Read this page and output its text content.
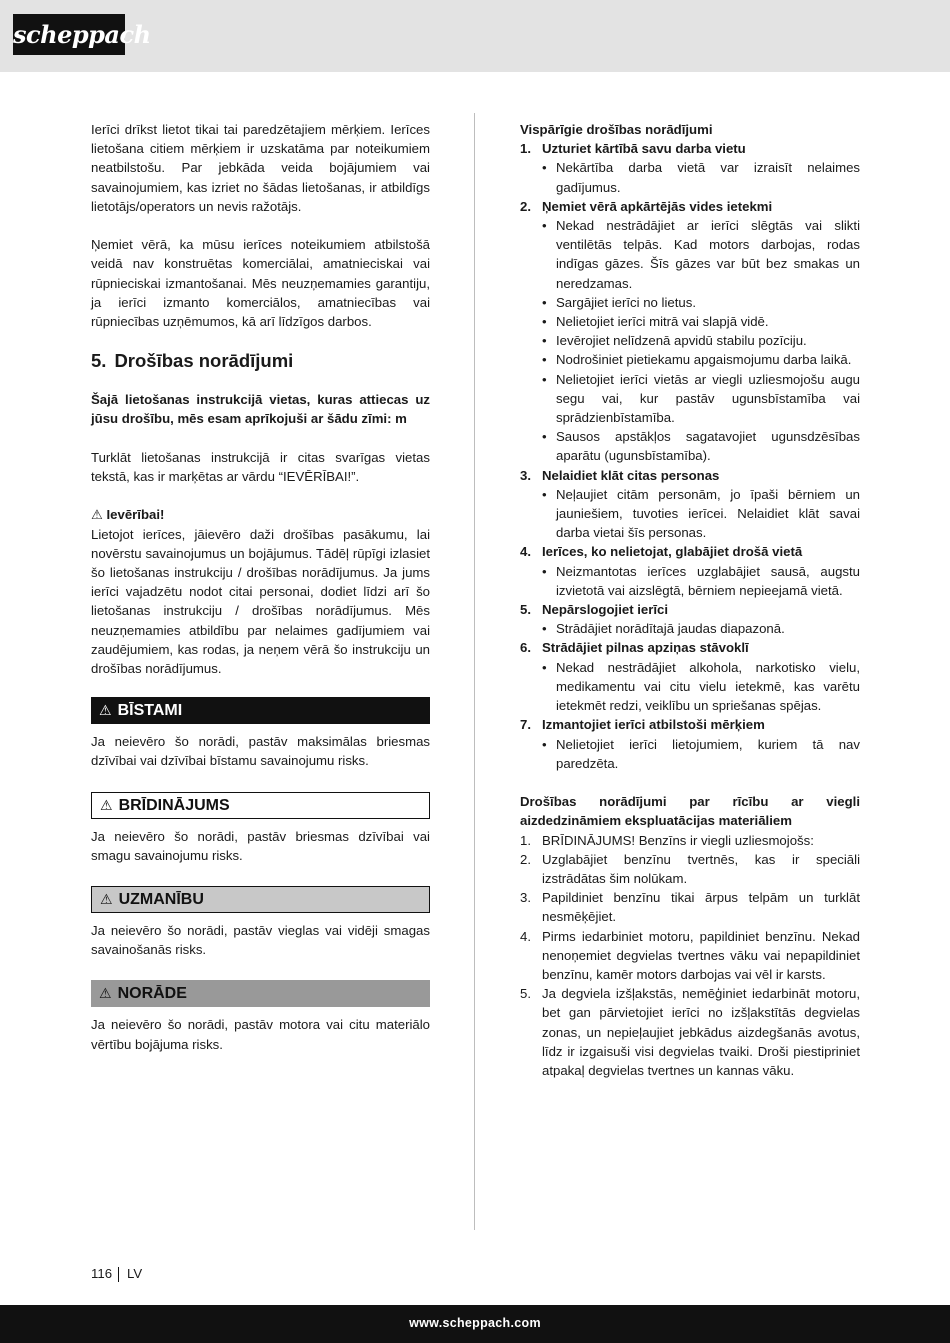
scheppach

Ierīci drīkst lietot tikai tai paredzētajiem mērķiem. Ierīces lietošana citiem mērķiem ir uzskatāma par noteikumiem neatbilstošu. Par jebkāda veida bojājumiem vai savainojumiem, kas izriet no šādas lietošanas, ir atbildīgs lietotājs/operators un nevis ražotājs.

Ņemiet vērā, ka mūsu ierīces noteikumiem atbilstošā veidā nav konstruētas komerciālai, amatnieciskai vai rūpnieciskai izmantošanai. Mēs neuzņemamies garantiju, ja ierīci izmanto komerciālos, amatniecības vai rūpniecības uzņēmumos, kā arī līdzīgos darbos.

5. Drošības norādījumi

Šajā lietošanas instrukcijā vietas, kuras attiecas uz jūsu drošību, mēs esam aprīkojuši ar šādu zīmi: m

Turklāt lietošanas instrukcijā ir citas svarīgas vietas tekstā, kas ir marķētas ar vārdu “IEVĒRĪBAI!”.

⚠ Ievērībai!

Lietojot ierīces, jāievēro daži drošības pasākumu, lai novērstu savainojumus un bojājumus. Tādēļ rūpīgi izlasiet šo lietošanas instrukciju / drošības norādījumus. Ja jums ierīci vajadzētu nodot citai personai, dodiet līdzi arī šo lietošanas instrukciju / drošības norādījumus. Mēs neuzņemamies atbildību par nelaimes gadījumiem vai zaudējumiem, kas rodas, ja neņem vērā šo instrukciju un drošības norādījumus.

⚠ BĪSTAMI

Ja neievēro šo norādi, pastāv maksimālas briesmas dzīvībai vai dzīvībai bīstamu savainojumu risks.

⚠ BRĪDINĀJUMS

Ja neievēro šo norādi, pastāv briesmas dzīvībai vai smagu savainojumu risks.

⚠ UZMANĪBU

Ja neievēro šo norādi, pastāv vieglas vai vidēji smagas savainošanās risks.

⚠ NORĀDE

Ja neievēro šo norādi, pastāv motora vai citu materiālo vērtību bojājuma risks.

Vispārīgie drošības norādījumi

1. Uzturiet kārtībā savu darba vietu
• Nekārtība darba vietā var izraisīt nelaimes gadījumus.
2. Ņemiet vērā apkārtējās vides ietekmi
• Nekad nestrādājiet ar ierīci slēgtās vai slikti ventilētās telpās. Kad motors darbojas, rodas indīgas gāzes. Šīs gāzes var būt bez smakas un neredzamas.
• Sargājiet ierīci no lietus.
• Nelietojiet ierīci mitrā vai slapjā vidē.
• Ievērojiet nelīdzenā apvidū stabilu pozīciju.
• Nodrošiniet pietiekamu apgaismojumu darba laikā.
• Nelietojiet ierīci vietās ar viegli uzliesmojošu augu segu vai, kur pastāv ugunsbīstamība vai sprādzienbīstamība.
• Sausos apstākļos sagatavojiet ugunsdzēsības aparātu (ugunsbīstamība).
3. Nelaidiet klāt citas personas
• Neļaujiet citām personām, jo īpaši bērniem un jauniešiem, tuvoties ierīcei. Nelaidiet klāt savai darba vietai šīs personas.
4. Ierīces, ko nelietojat, glabājiet drošā vietā
• Neizmantotas ierīces uzglabājiet sausā, augstu izvietotā vai aizslēgtā, bērniem nepieejamā vietā.
5. Nepārslogojiet ierīci
• Strādājiet norādītajā jaudas diapazonā.
6. Strādājiet pilnas apziņas stāvoklī
• Nekad nestrādājiet alkohola, narkotisko vielu, medikamentu vai citu vielu ietekmē, kas varētu ietekmēt redzi, veiklību un spriešanas spējas.
7. Izmantojiet ierīci atbilstoši mērķiem
• Nelietojiet ierīci lietojumiem, kuriem tā nav paredzēta.

Drošības norādījumi par rīcību ar viegli aizdedzināmiem ekspluatācijas materiāliem

1. BRĪDINĀJUMS! Benzīns ir viegli uzliesmojošs:
2. Uzglabājiet benzīnu tvertnēs, kas ir speciāli izstrādātas šim nolūkam.
3. Papildiniet benzīnu tikai ārpus telpām un turklāt nesmēķējiet.
4. Pirms iedarbiniet motoru, papildiniet benzīnu. Nekad nenoņemiet degvielas tvertnes vāku vai nepapildiniet benzīnu, kamēr motors darbojas vai vēl ir karsts.
5. Ja degviela izšļakstās, nemēģiniet iedarbināt motoru, bet gan pārvietojiet ierīci no izšļakstītās degvielas zonas, un nepieļaujiet jebkādus aizdegšanās avotus, līdz ir izgaisuši visi degvielas tvaiki. Droši piestipriniet atpakaļ degvielas tvertnes un kannas vāku.
116 LV
www.scheppach.com
